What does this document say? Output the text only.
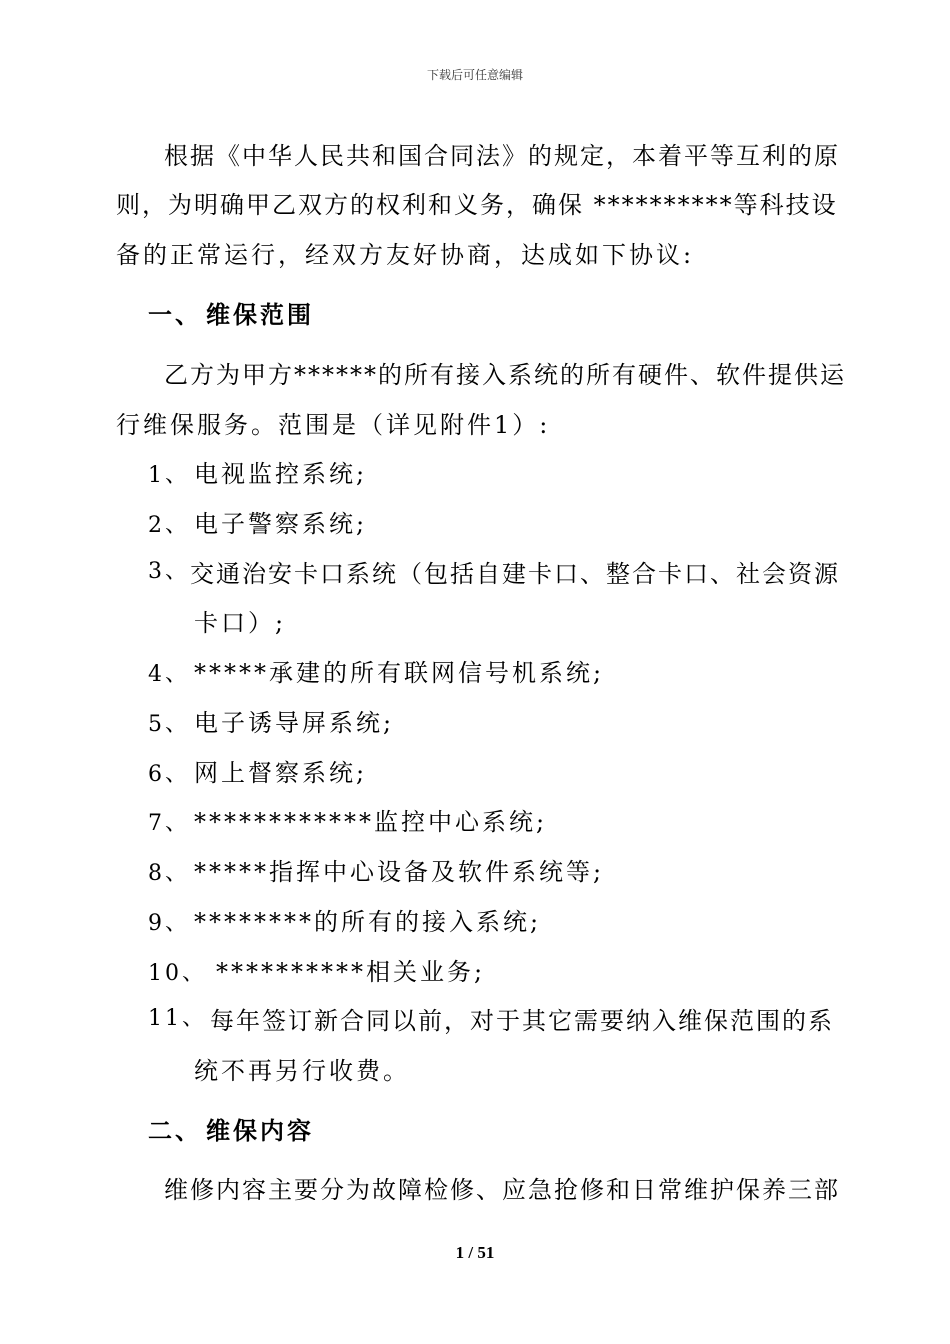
下载后可任意编辑
根据《中华人民共和国合同法》的规定，本着平等互利的原
则，为明确甲乙双方的权利和义务，确保 **********等科技设
备的正常运行，经双方友好协商，达成如下协议:
一、 维保范围
乙方为甲方******的所有接入系统的所有硬件、软件提供运
行维保服务。范围是（详见附件1）:
1、 电视监控系统;
2、 电子警察系统;
3、 交通治安卡口系统（包括自建卡口、整合卡口、社会资源
卡口）;
4、 *****承建的所有联网信号机系统;
5、 电子诱导屏系统;
6、 网上督察系统;
7、 ************监控中心系统;
8、 *****指挥中心设备及软件系统等;
9、 ********的所有的接入系统;
10、 **********相关业务;
11、 每年签订新合同以前，对于其它需要纳入维保范围的系
统不再另行收费。
二、 维保内容
维修内容主要分为故障检修、应急抢修和日常维护保养三部
1 / 51
